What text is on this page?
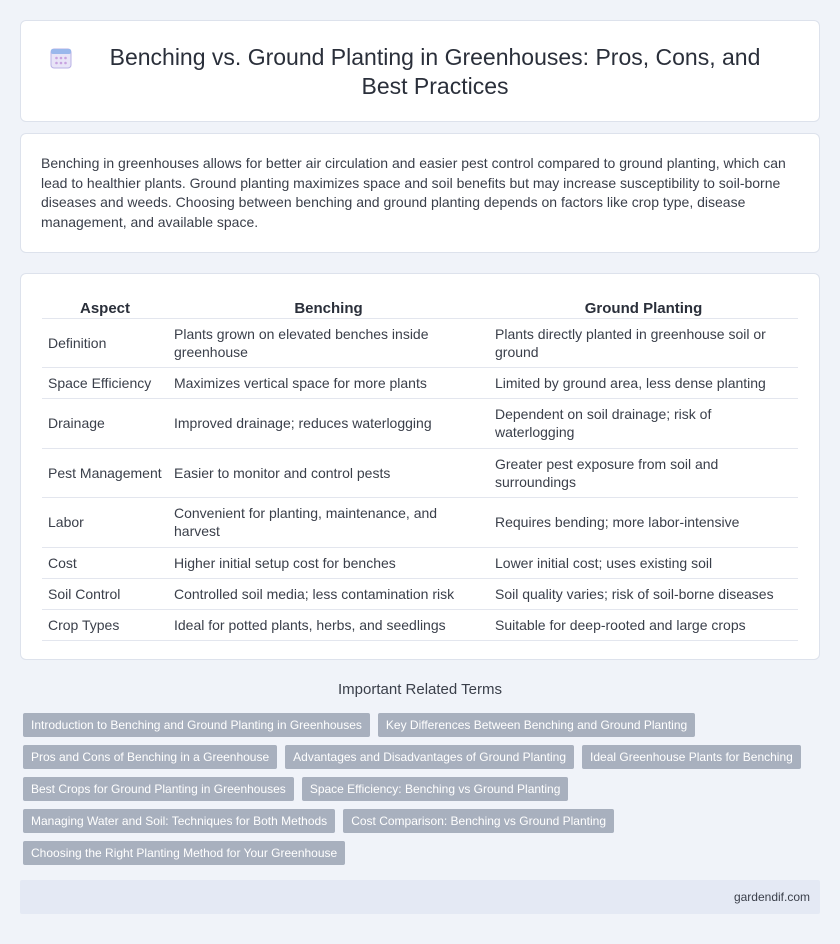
Benching vs. Ground Planting in Greenhouses: Pros, Cons, and Best Practices

Benching in greenhouses allows for better air circulation and easier pest control compared to ground planting, which can lead to healthier plants. Ground planting maximizes space and soil benefits but may increase susceptibility to soil-borne diseases and weeds. Choosing between benching and ground planting depends on factors like crop type, disease management, and available space.

Aspect	Benching	Ground Planting
Definition	Plants grown on elevated benches inside greenhouse	Plants directly planted in greenhouse soil or ground
Space Efficiency	Maximizes vertical space for more plants	Limited by ground area, less dense planting
Drainage	Improved drainage; reduces waterlogging	Dependent on soil drainage; risk of waterlogging
Pest Management	Easier to monitor and control pests	Greater pest exposure from soil and surroundings
Labor	Convenient for planting, maintenance, and harvest	Requires bending; more labor-intensive
Cost	Higher initial setup cost for benches	Lower initial cost; uses existing soil
Soil Control	Controlled soil media; less contamination risk	Soil quality varies; risk of soil-borne diseases
Crop Types	Ideal for potted plants, herbs, and seedlings	Suitable for deep-rooted and large crops
Important Related Terms
Introduction to Benching and Ground Planting in Greenhouses	Key Differences Between Benching and Ground Planting
Pros and Cons of Benching in a Greenhouse	Advantages and Disadvantages of Ground Planting	Ideal Greenhouse Plants for Benching
Best Crops for Ground Planting in Greenhouses	Space Efficiency: Benching vs Ground Planting
Managing Water and Soil: Techniques for Both Methods	Cost Comparison: Benching vs Ground Planting
Choosing the Right Planting Method for Your Greenhouse
gardendif.com
